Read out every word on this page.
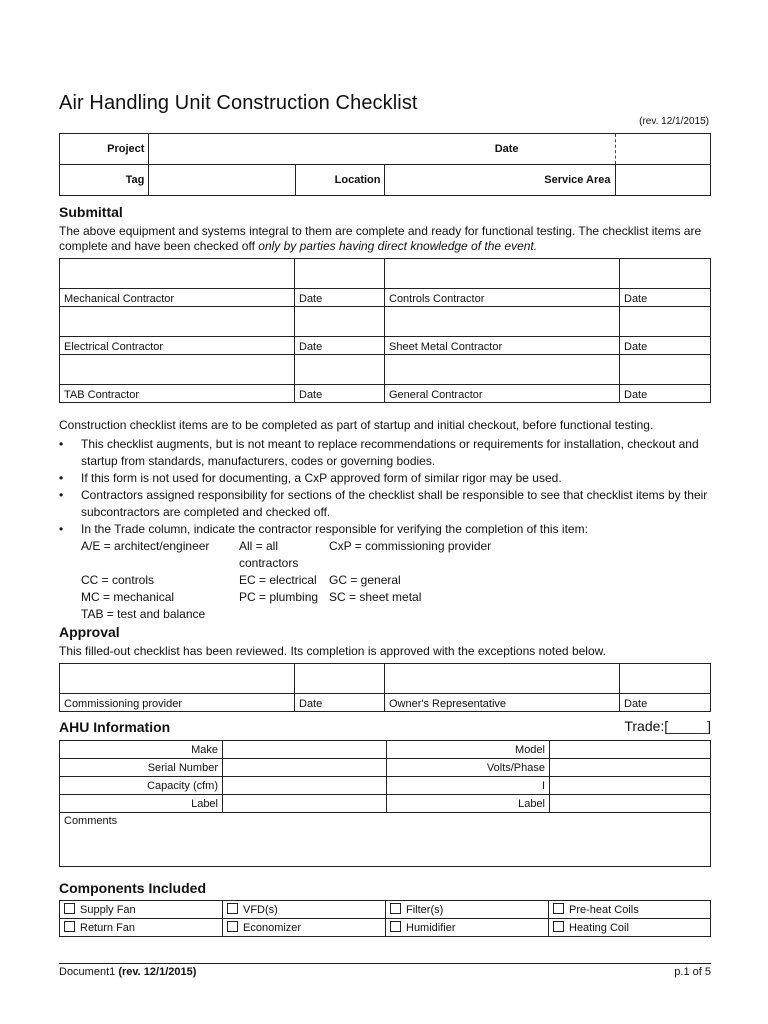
Air Handling Unit Construction Checklist
(rev. 12/1/2015)
Project	Date			
Tag		Location	Service Area	
Submittal

The above equipment and systems integral to them are complete and ready for functional testing. The checklist items are complete and have been checked off only by parties having direct knowledge of the event.

Mechanical Contractor	Date	Controls Contractor	Date

Electrical Contractor	Date	Sheet Metal Contractor	Date

TAB Contractor	Date	General Contractor	Date

Construction checklist items are to be completed as part of startup and initial checkout, before functional testing.

• This checklist augments, but is not meant to replace recommendations or requirements for installation, checkout and startup from standards, manufacturers, codes or governing bodies.
• If this form is not used for documenting, a CxP approved form of similar rigor may be used.
• Contractors assigned responsibility for sections of the checklist shall be responsible to see that checklist items by their subcontractors are completed and checked off.
• In the Trade column, indicate the contractor responsible for verifying the completion of this item:
A/E = architect/engineer	All = all contractors
CxP = commissioning provider
CC = controls	EC = electrical	GC = general
MC = mechanical	PC = plumbing SC = sheet metal
TAB = test and balance
Approval

This filled-out checklist has been reviewed. Its completion is approved with the exceptions noted below.

Commissioning provider	Date	Owner's Representative	Date
AHU Information	Trade:[_____]
Make		Model	
Serial Number		Volts/Phase	
Capacity (cfm)		I	
Label		Label	
Comments			
Components Included
Supply Fan	VFD(s)	Filter(s)	Pre-heat Coils
Return Fan	Economizer	Humidifier	Heating Coil
Document1 (rev. 12/1/2015)	p.1 of 5
